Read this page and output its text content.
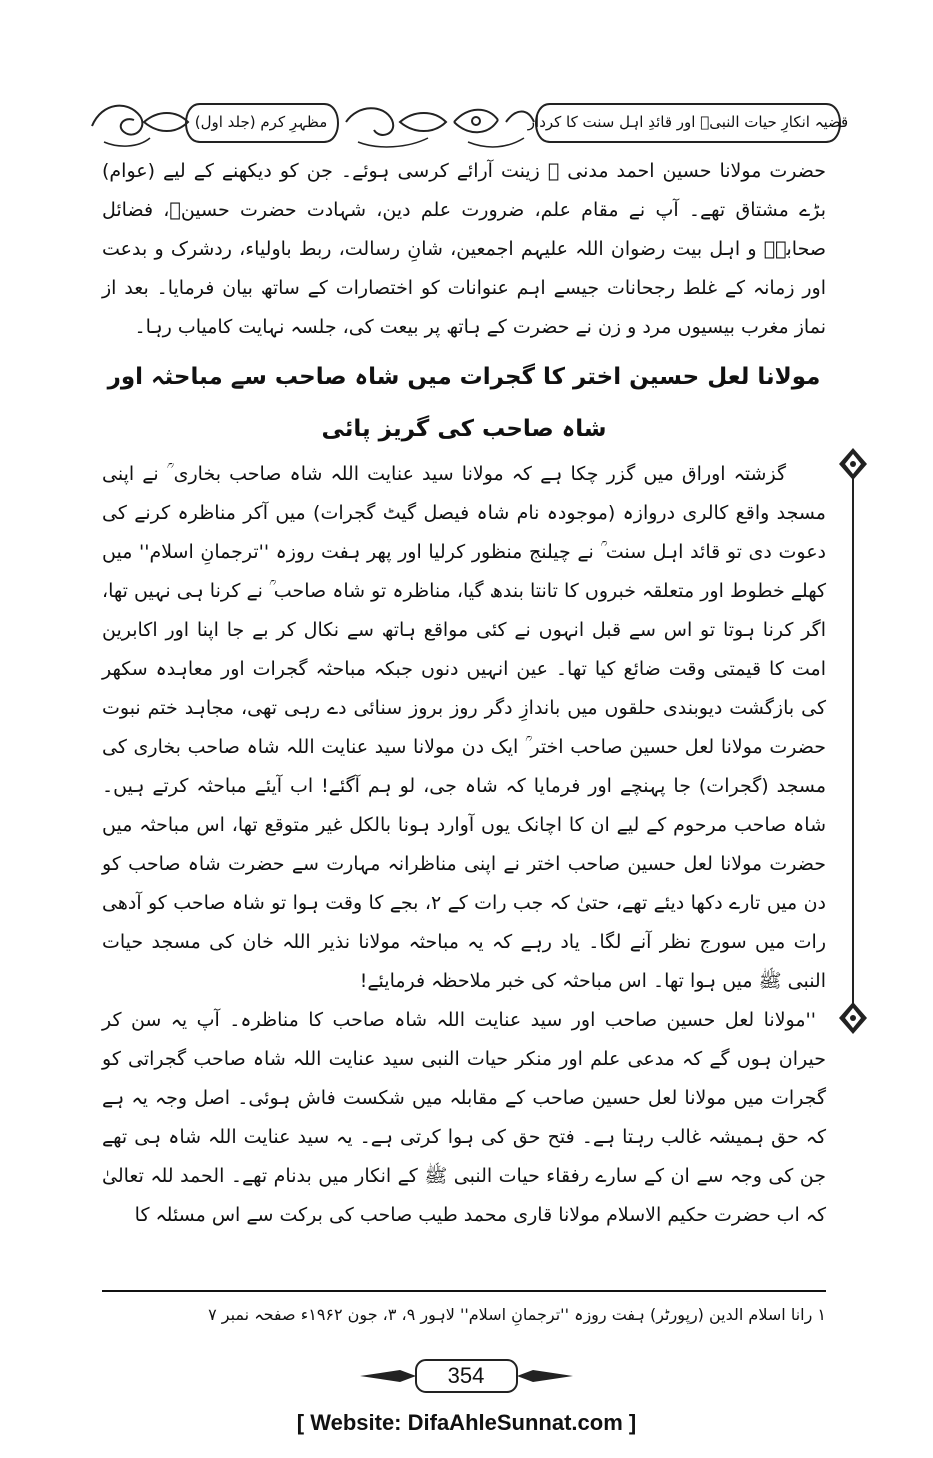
مظہرِ کرم (جلد اول)	قضیہ انکارِ حیات النبیؐ اور قائدِ اہل سنت کا کردار

حضرت مولانا حسین احمد مدنی ؒ زینت آرائے کرسی ہوئے۔ جن کو دیکھنے کے لیے (عوام) بڑے مشتاق تھے۔ آپ نے مقام علم، ضرورت علم دین، شہادت حضرت حسینؓ، فضائل صحابہؓ و اہل بیت رضوان اللہ علیہم اجمعین، شانِ رسالت، ربط باولیاء، ردشرک و بدعت اور زمانہ کے غلط رجحانات جیسے اہم عنوانات کو اختصارات کے ساتھ بیان فرمایا۔ بعد از نماز مغرب بیسیوں مرد و زن نے حضرت کے ہاتھ پر بیعت کی، جلسہ نہایت کامیاب رہا۔

مولانا لعل حسین اختر کا گجرات میں شاہ صاحب سے مباحثہ اور شاہ صاحب کی گریز پائی

گزشتہ اوراق میں گزر چکا ہے کہ مولانا سید عنایت اللہ شاہ صاحب بخاری ؒ نے اپنی مسجد واقع کالری دروازہ (موجودہ نام شاہ فیصل گیٹ گجرات) میں آکر مناظرہ کرنے کی دعوت دی تو قائد اہل سنت ؒ نے چیلنج منظور کرلیا اور پھر ہفت روزہ ''ترجمانِ اسلام'' میں کھلے خطوط اور متعلقہ خبروں کا تانتا بندھ گیا، مناظرہ تو شاہ صاحب ؒ نے کرنا ہی نہیں تھا، اگر کرنا ہوتا تو اس سے قبل انہوں نے کئی مواقع ہاتھ سے نکال کر بے جا اپنا اور اکابرین امت کا قیمتی وقت ضائع کیا تھا۔ عین انہیں دنوں جبکہ مباحثہ گجرات اور معاہدہ سکھر کی بازگشت دیوبندی حلقوں میں باندازِ دگر روز بروز سنائی دے رہی تھی، مجاہد ختم نبوت حضرت مولانا لعل حسین صاحب اختر ؒ ایک دن مولانا سید عنایت اللہ شاہ صاحب بخاری کی مسجد (گجرات) جا پہنچے اور فرمایا کہ شاہ جی، لو ہم آگئے! اب آیئے مباحثہ کرتے ہیں۔ شاہ صاحب مرحوم کے لیے ان کا اچانک یوں آوارد ہونا بالکل غیر متوقع تھا، اس مباحثہ میں حضرت مولانا لعل حسین صاحب اختر نے اپنی مناظرانہ مہارت سے حضرت شاہ صاحب کو دن میں تارے دکھا دیئے تھے، حتیٰ کہ جب رات کے ۲، بجے کا وقت ہوا تو شاہ صاحب کو آدھی رات میں سورج نظر آنے لگا۔ یاد رہے کہ یہ مباحثہ مولانا نذیر اللہ خان کی مسجد حیات النبی ﷺ میں ہوا تھا۔ اس مباحثہ کی خبر ملاحظہ فرمایئے!

''مولانا لعل حسین صاحب اور سید عنایت اللہ شاہ صاحب کا مناظرہ۔ آپ یہ سن کر حیران ہوں گے کہ مدعی علم اور منکر حیات النبی سید عنایت اللہ شاہ صاحب گجراتی کو گجرات میں مولانا لعل حسین صاحب کے مقابلہ میں شکست فاش ہوئی۔ اصل وجہ یہ ہے کہ حق ہمیشہ غالب رہتا ہے۔ فتح حق کی ہوا کرتی ہے۔ یہ سید عنایت اللہ شاہ ہی تھے جن کی وجہ سے ان کے سارے رفقاء حیات النبی ﷺ کے انکار میں بدنام تھے۔ الحمد للہ تعالیٰ کہ اب حضرت حکیم الاسلام مولانا قاری محمد طیب صاحب کی برکت سے اس مسئلہ کا

۱ رانا اسلام الدین (رپورٹر) ہفت روزہ ''ترجمانِ اسلام'' لاہور ۹، ۳، جون ۱۹۶۲ء صفحہ نمبر ۷
354
[ Website: DifaAhleSunnat.com ]
